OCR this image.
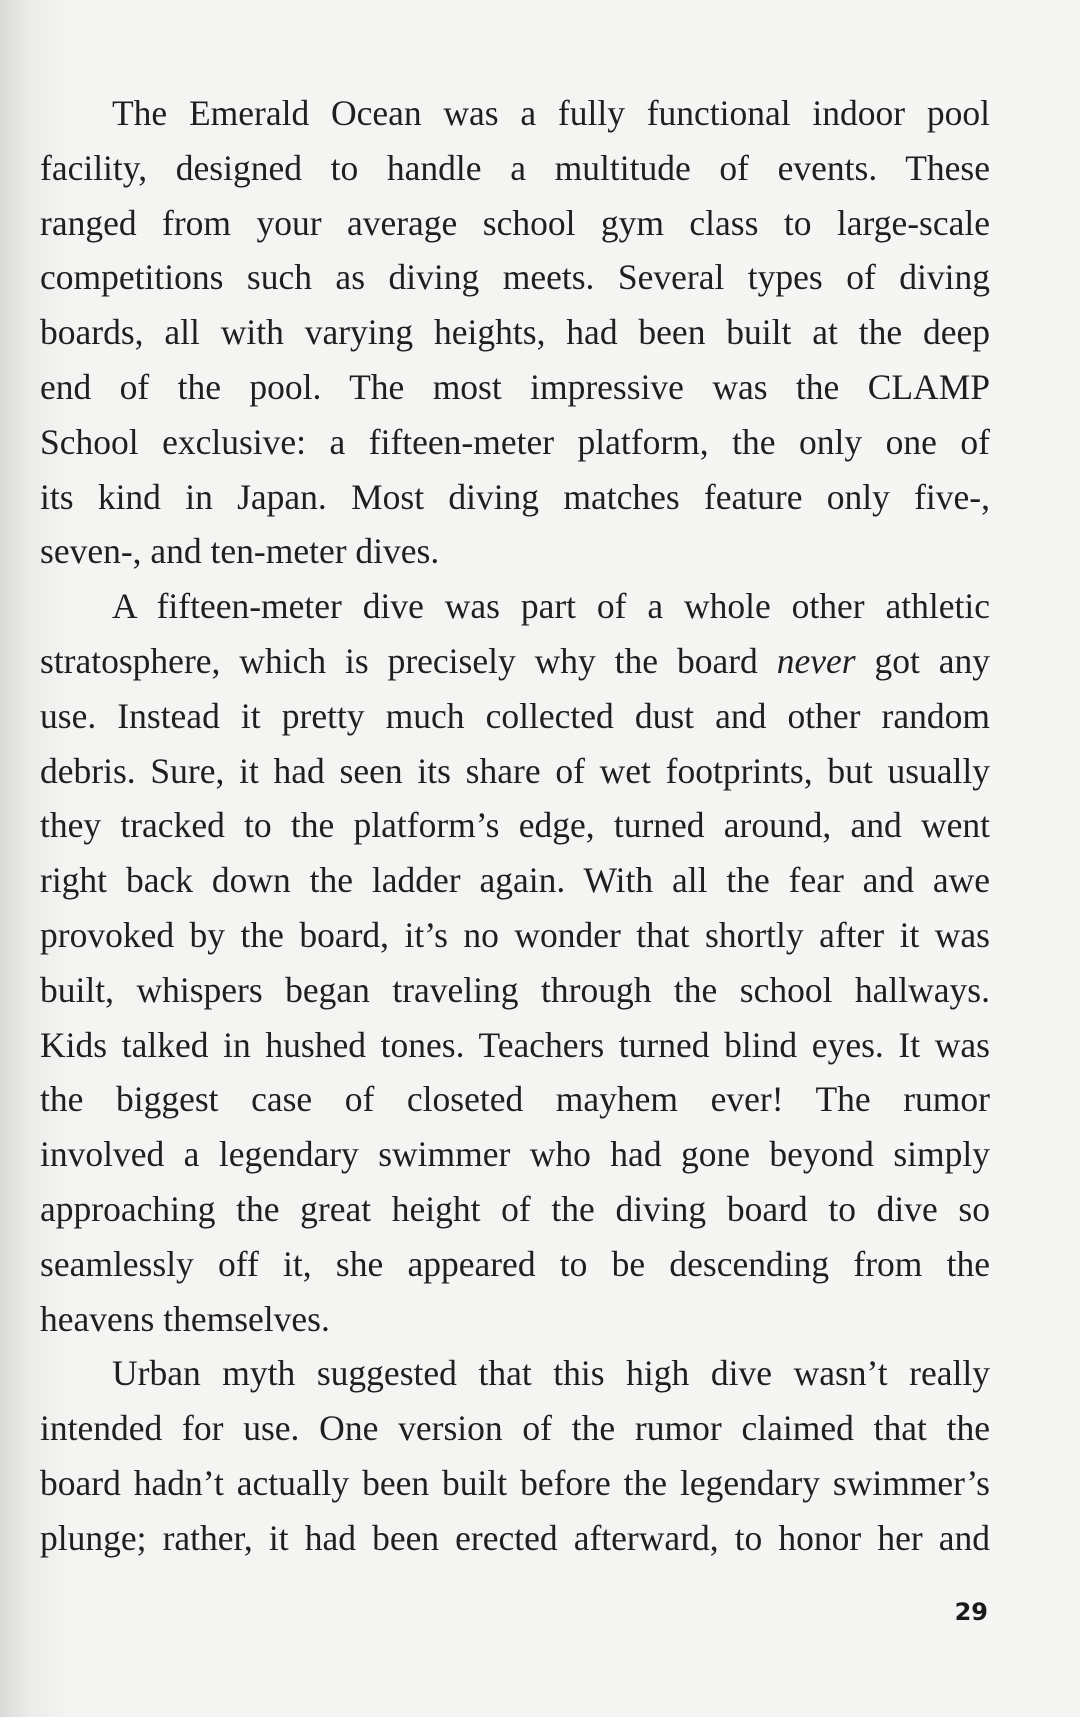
The Emerald Ocean was a fully functional indoor pool
facility, designed to handle a multitude of events. These
ranged from your average school gym class to large-scale
competitions such as diving meets. Several types of diving
boards, all with varying heights, had been built at the deep
end of the pool. The most impressive was the CLAMP
School exclusive: a fifteen-meter platform, the only one of
its kind in Japan. Most diving matches feature only five-,
seven-, and ten-meter dives.
A fifteen-meter dive was part of a whole other athletic
stratosphere, which is precisely why the board never got any
use. Instead it pretty much collected dust and other random
debris. Sure, it had seen its share of wet footprints, but usually
they tracked to the platform’s edge, turned around, and went
right back down the ladder again. With all the fear and awe
provoked by the board, it’s no wonder that shortly after it was
built, whispers began traveling through the school hallways.
Kids talked in hushed tones. Teachers turned blind eyes. It was
the biggest case of closeted mayhem ever! The rumor
involved a legendary swimmer who had gone beyond simply
approaching the great height of the diving board to dive so
seamlessly off it, she appeared to be descending from the
heavens themselves.
Urban myth suggested that this high dive wasn’t really
intended for use. One version of the rumor claimed that the
board hadn’t actually been built before the legendary swimmer’s
plunge; rather, it had been erected afterward, to honor her and
29
